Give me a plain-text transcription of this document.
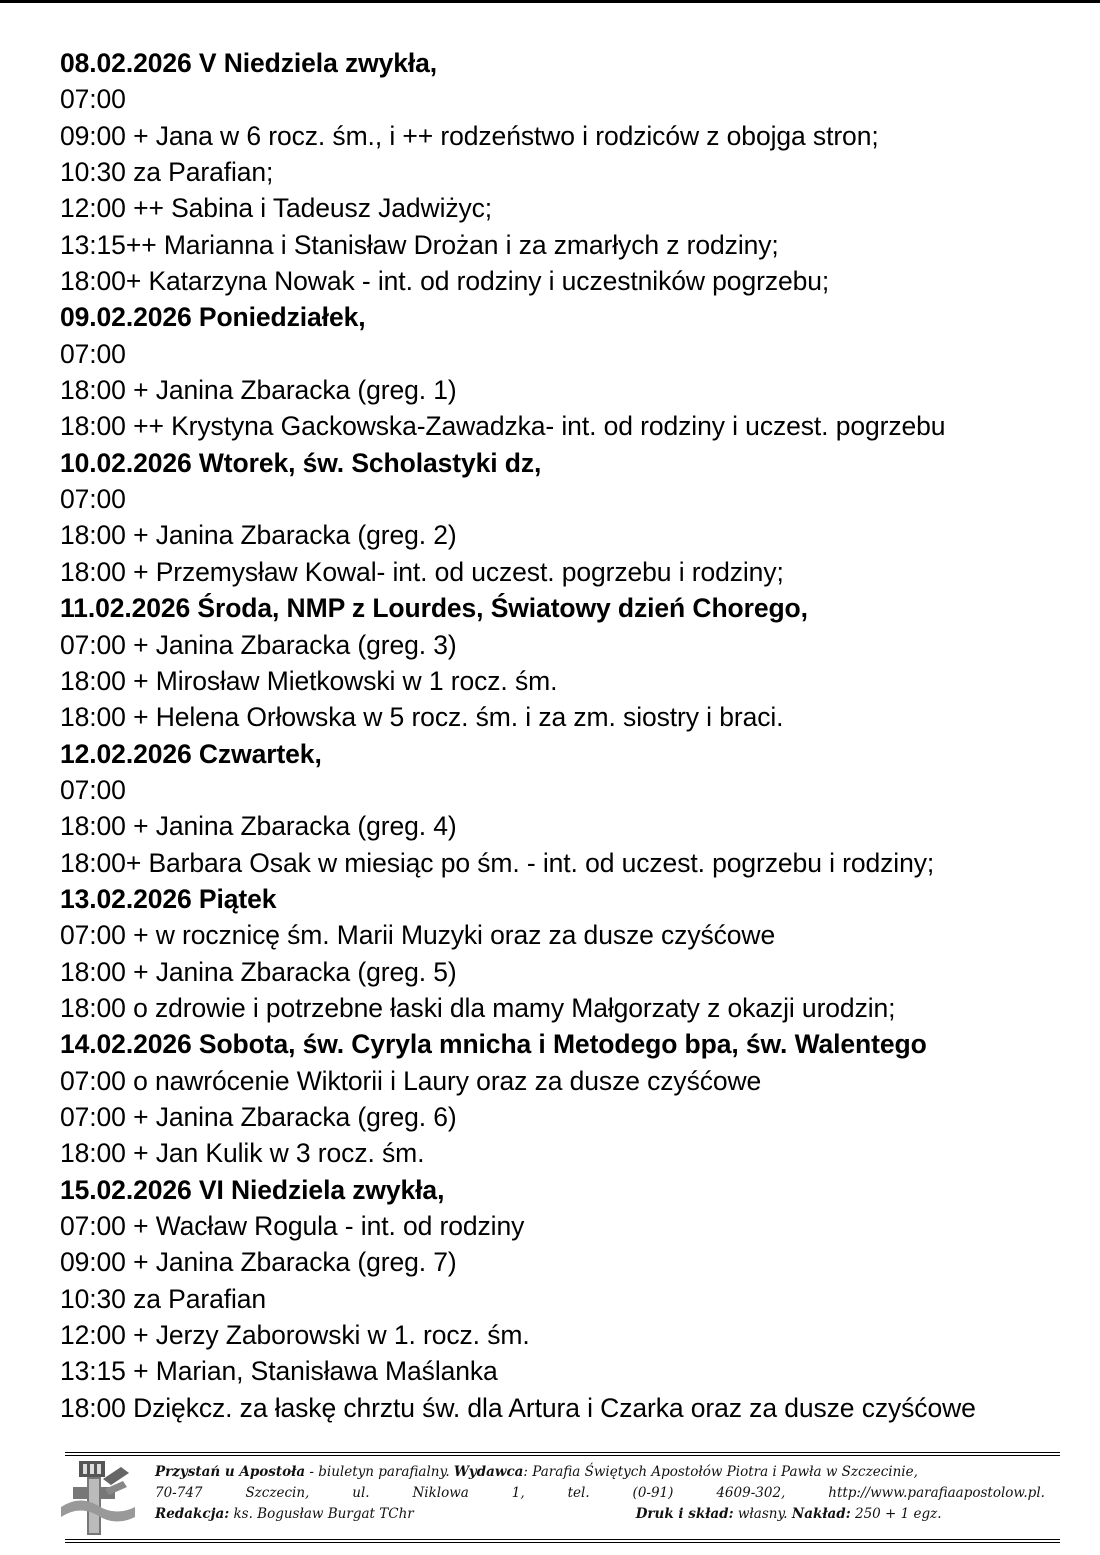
08.02.2026 V Niedziela zwykła,
07:00
09:00 + Jana w 6 rocz. śm., i ++ rodzeństwo i rodziców z obojga stron;
10:30 za Parafian;
12:00 ++ Sabina i Tadeusz Jadwiżyc;
13:15++ Marianna i Stanisław Drożan i za zmarłych z rodziny;
18:00+ Katarzyna Nowak - int. od rodziny i uczestników pogrzebu;
09.02.2026 Poniedziałek,
07:00
18:00 + Janina Zbaracka (greg. 1)
18:00 ++ Krystyna Gackowska-Zawadzka- int. od rodziny i uczest. pogrzebu
10.02.2026 Wtorek, św. Scholastyki dz,
07:00
18:00 + Janina Zbaracka (greg. 2)
18:00 + Przemysław Kowal- int. od uczest. pogrzebu i rodziny;
11.02.2026 Środa, NMP z Lourdes, Światowy dzień Chorego,
07:00 + Janina Zbaracka (greg. 3)
18:00 + Mirosław Mietkowski w 1 rocz. śm.
18:00 + Helena Orłowska w 5 rocz. śm. i za zm. siostry i braci.
12.02.2026 Czwartek,
07:00
18:00 + Janina Zbaracka (greg. 4)
18:00+ Barbara Osak w miesiąc po śm. - int. od uczest. pogrzebu i rodziny;
13.02.2026 Piątek
07:00 + w rocznicę śm. Marii Muzyki oraz za dusze czyśćowe
18:00 + Janina Zbaracka (greg. 5)
18:00 o zdrowie i potrzebne łaski dla mamy Małgorzaty z okazji urodzin;
14.02.2026 Sobota, św. Cyryla mnicha i Metodego bpa, św. Walentego
07:00 o nawrócenie Wiktorii i Laury oraz za dusze czyśćowe
07:00 + Janina Zbaracka (greg. 6)
18:00 + Jan Kulik w 3 rocz. śm.
15.02.2026 VI Niedziela zwykła,
07:00 + Wacław Rogula - int. od rodziny
09:00 + Janina Zbaracka (greg. 7)
10:30 za Parafian
12:00 + Jerzy Zaborowski w 1. rocz. śm.
13:15 + Marian, Stanisława Maślanka
18:00 Dziękcz. za łaskę chrztu św. dla Artura i Czarka oraz za dusze czyśćowe
Przystań u Apostoła - biuletyn parafialny. Wydawca: Parafia Świętych Apostołów Piotra i Pawła w Szczecinie,
70-747	Szczecin,	ul.	Niklowa	1,	tel.	(0-91)	4609-302,	http://www.parafiaapostolow.pl.
Redakcja: ks. Bogusław Burgat TChr	Druk i skład: własny. Nakład: 250 + 1 egz.
